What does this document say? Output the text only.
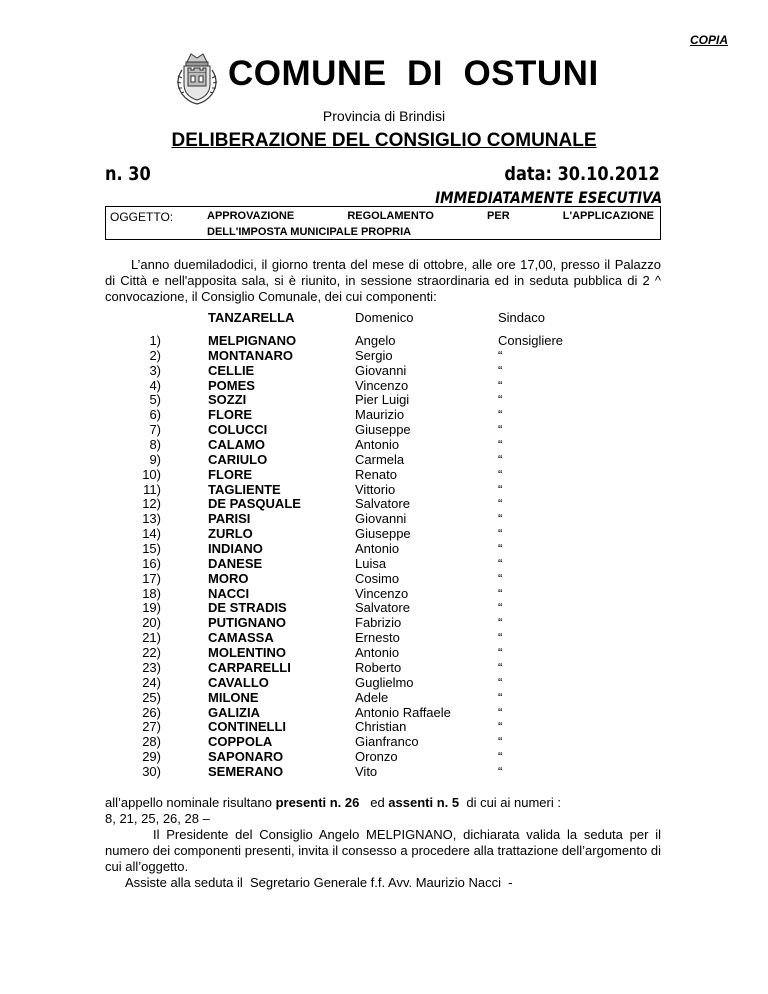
COPIA
COMUNE  DI  OSTUNI
Provincia di Brindisi
DELIBERAZIONE DEL CONSIGLIO COMUNALE
n. 30	data: 30.10.2012
IMMEDIATAMENTE ESECUTIVA
OGGETTO:	APPROVAZIONE REGOLAMENTO PER L'APPLICAZIONE
DELL'IMPOSTA MUNICIPALE PROPRIA
L’anno duemiladodici, il giorno trenta del mese di ottobre, alle ore 17,00, presso il Palazzo di Città e nell'apposita sala, si è riunito, in sessione straordinaria ed in seduta pubblica di 2 ^ convocazione, il Consiglio Comunale, dei cui componenti:
TANZARELLA	Domenico	Sindaco
1)	MELPIGNANO	Angelo	Consigliere
2)	MONTANARO	Sergio	“
3)	CELLIE	Giovanni	“
4)	POMES	Vincenzo	“
5)	SOZZI	Pier Luigi	“
6)	FLORE	Maurizio	“
7)	COLUCCI	Giuseppe	“
8)	CALAMO	Antonio	“
9)	CARIULO	Carmela	“
10)	FLORE	Renato	“
11)	TAGLIENTE	Vittorio	“
12)	DE PASQUALE	Salvatore	“
13)	PARISI	Giovanni	“
14)	ZURLO	Giuseppe	“
15)	INDIANO	Antonio	“
16)	DANESE	Luisa	“
17)	MORO	Cosimo	“
18)	NACCI	Vincenzo	“
19)	DE STRADIS	Salvatore	“
20)	PUTIGNANO	Fabrizio	“
21)	CAMASSA	Ernesto	“
22)	MOLENTINO	Antonio	“
23)	CARPARELLI	Roberto	“
24)	CAVALLO	Guglielmo	“
25)	MILONE	Adele	“
26)	GALIZIA	Antonio Raffaele	“
27)	CONTINELLI	Christian	“
28)	COPPOLA	Gianfranco	“
29)	SAPONARO	Oronzo	“
30)	SEMERANO	Vito	“
all’appello nominale risultano presenti n. 26   ed assenti n. 5  di cui ai numeri :
8, 21, 25, 26, 28 –
Il Presidente del Consiglio Angelo MELPIGNANO, dichiarata valida la seduta per il numero dei componenti presenti, invita il consesso a procedere alla trattazione dell’argomento di cui all’oggetto.
Assiste alla seduta il  Segretario Generale f.f. Avv. Maurizio Nacci  -
